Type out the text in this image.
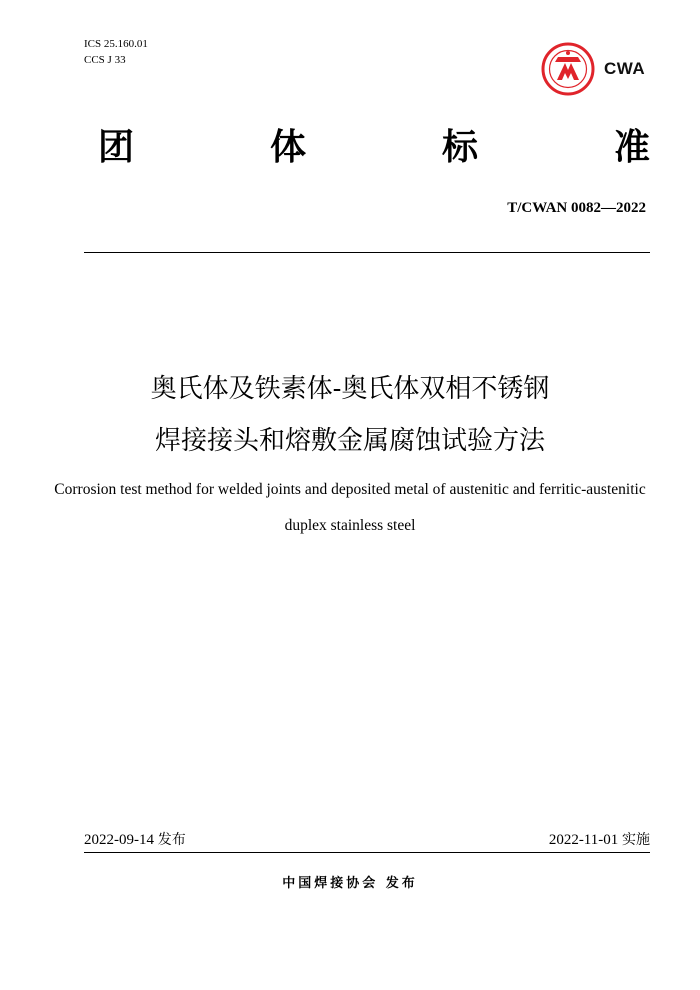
ICS 25.160.01
CCS J 33	CWA
团	体	标	准
T/CWAN 0082—2022
奥氏体及铁素体-奥氏体双相不锈钢
焊接接头和熔敷金属腐蚀试验方法
Corrosion test method for welded joints and deposited metal of austenitic and ferritic-austenitic
duplex stainless steel
2022-09-14 发布	2022-11-01 实施
中国焊接协会 发布
